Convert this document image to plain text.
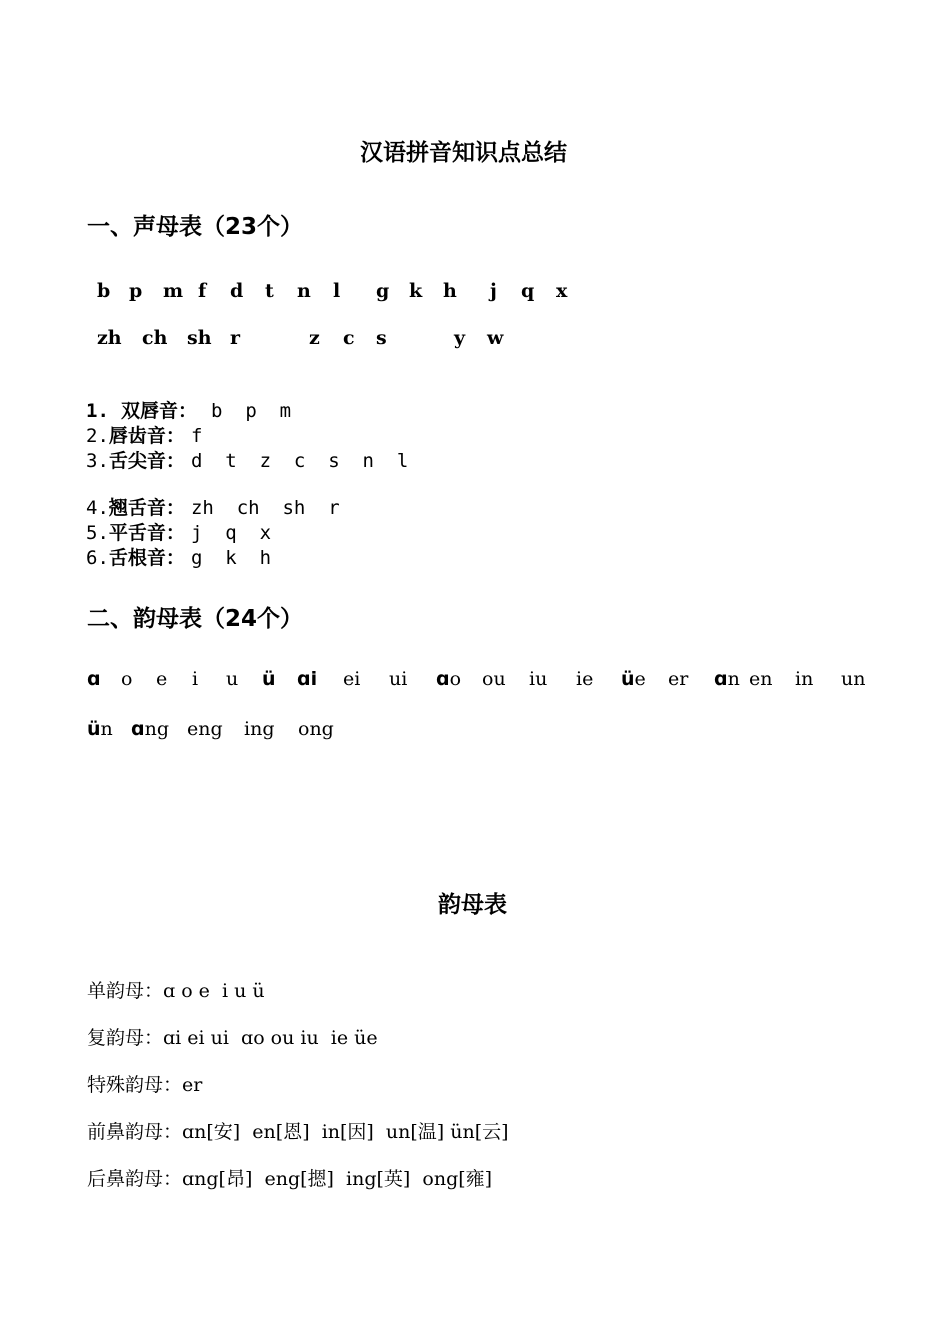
汉语拼音知识点总结
一、声母表（23个）
b p m f d t n l g k h j q x
zh ch sh r	z c s	y w
1. 双唇音： b  p  m
2.唇齿音： f
3.舌尖音： d  t  z  c  s  n  l
4.翘舌音： zh  ch  sh  r
5.平舌音： j  q  x
6.舌根音： g  k  h
二、韵母表（24个）
ɑ o e i u ü ɑi ei ui ɑo ou iu ie üe er ɑn en in un
ün ɑng eng ing ong
韵母表
单韵母：ɑ o e  i u ü
复韵母：ɑi ei ui  ɑo ou iu  ie üe
特殊韵母：er
前鼻韵母：ɑn[安]  en[恩]  in[因]  un[温] ün[云]
后鼻韵母：ɑng[昂]  eng[摁]  ing[英]  ong[雍]
